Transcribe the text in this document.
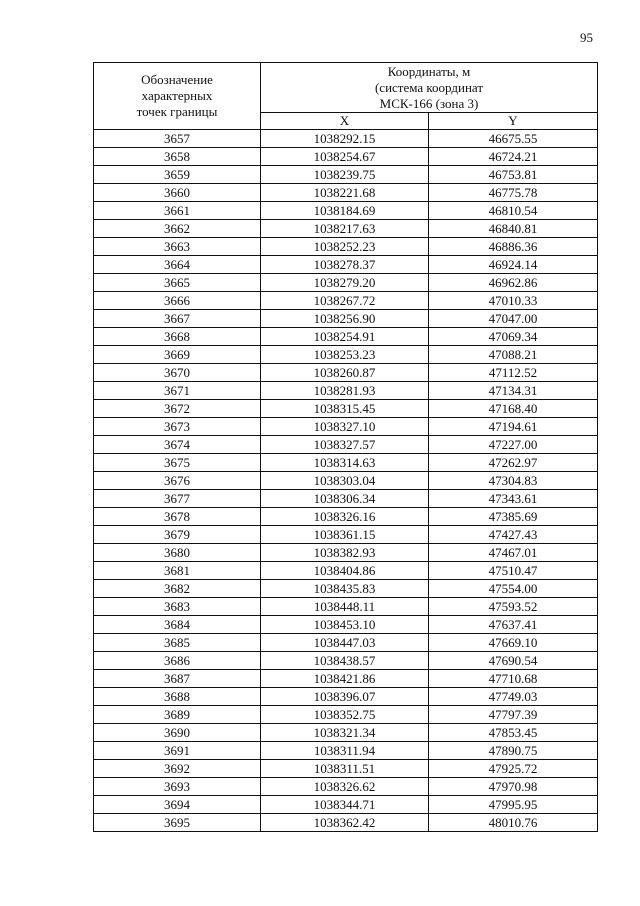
95
Обозначение
характерных
точек границы	Координаты, м
(система координат
МСК-166 (зона 3)	

	X	Y
3657	1038292.15	46675.55
3658	1038254.67	46724.21
3659	1038239.75	46753.81
3660	1038221.68	46775.78
3661	1038184.69	46810.54
3662	1038217.63	46840.81
3663	1038252.23	46886.36
3664	1038278.37	46924.14
3665	1038279.20	46962.86
3666	1038267.72	47010.33
3667	1038256.90	47047.00
3668	1038254.91	47069.34
3669	1038253.23	47088.21
3670	1038260.87	47112.52
3671	1038281.93	47134.31
3672	1038315.45	47168.40
3673	1038327.10	47194.61
3674	1038327.57	47227.00
3675	1038314.63	47262.97
3676	1038303.04	47304.83
3677	1038306.34	47343.61
3678	1038326.16	47385.69
3679	1038361.15	47427.43
3680	1038382.93	47467.01
3681	1038404.86	47510.47
3682	1038435.83	47554.00
3683	1038448.11	47593.52
3684	1038453.10	47637.41
3685	1038447.03	47669.10
3686	1038438.57	47690.54
3687	1038421.86	47710.68
3688	1038396.07	47749.03
3689	1038352.75	47797.39
3690	1038321.34	47853.45
3691	1038311.94	47890.75
3692	1038311.51	47925.72
3693	1038326.62	47970.98
3694	1038344.71	47995.95
3695	1038362.42	48010.76
